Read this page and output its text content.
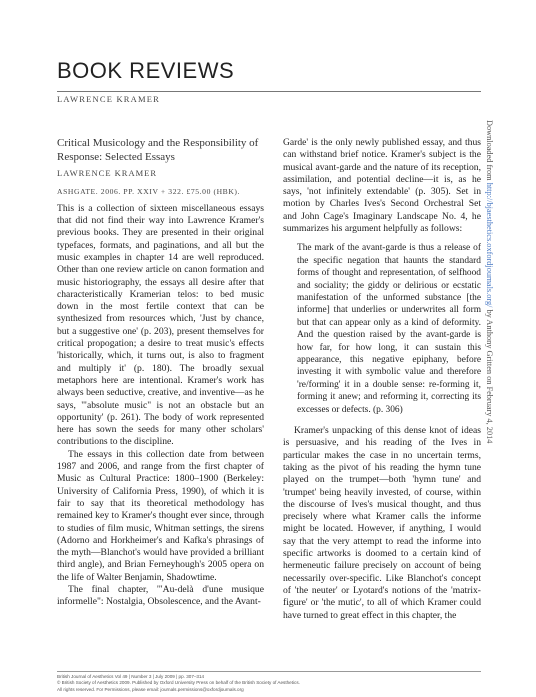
BOOK REVIEWS
LAWRENCE KRAMER
Critical Musicology and the Responsibility of Response: Selected Essays
LAWRENCE KRAMER
ASHGATE. 2006. PP. XXIV + 322. £75.00 (HBK).

This is a collection of sixteen miscellaneous essays that did not find their way into Lawrence Kramer's previous books. They are presented in their original typefaces, formats, and paginations, and all but the music examples in chapter 14 are well reproduced. Other than one review article on canon formation and music historiography, the essays all desire after that characteristically Kramerian telos: to bed music down in the most fertile context that can be synthesized from resources which, 'Just by chance, but a suggestive one' (p. 203), present themselves for critical propogation; a desire to treat music's effects 'historically, which, it turns out, is also to fragment and multiply it' (p. 180). The broadly sexual metaphors here are intentional. Kramer's work has always been seductive, creative, and inventive—as he says, '"absolute music" is not an obstacle but an opportunity' (p. 261). The body of work represented here has sown the seeds for many other scholars' contributions to the discipline.

The essays in this collection date from between 1987 and 2006, and range from the first chapter of Music as Cultural Practice: 1800–1900 (Berkeley: University of California Press, 1990), of which it is fair to say that its theoretical methodology has remained key to Kramer's thought ever since, through to studies of film music, Whitman settings, the sirens (Adorno and Horkheimer's and Kafka's phrasings of the myth—Blanchot's would have provided a brilliant third angle), and Brian Ferneyhough's 2005 opera on the life of Walter Benjamin, Shadowtime.

The final chapter, '"Au-delà d'une musique informelle": Nostalgia, Obsolescence, and the Avant-

Garde' is the only newly published essay, and thus can withstand brief notice. Kramer's subject is the musical avant-garde and the nature of its reception, assimilation, and potential decline—it is, as he says, 'not infinitely extendable' (p. 305). Set in motion by Charles Ives's Second Orchestral Set and John Cage's Imaginary Landscape No. 4, he summarizes his argument helpfully as follows:

The mark of the avant-garde is thus a release of the specific negation that haunts the standard forms of thought and representation, of selfhood and sociality; the giddy or delirious or ecstatic manifestation of the unformed substance [the informe] that underlies or underwrites all form but that can appear only as a kind of deformity. And the question raised by the avant-garde is how far, for how long, it can sustain this appearance, this negative epiphany, before investing it with symbolic value and therefore 're/forming' it in a double sense: re-forming it, forming it anew; and reforming it, correcting its excesses or defects. (p. 306)

Kramer's unpacking of this dense knot of ideas is persuasive, and his reading of the Ives in particular makes the case in no uncertain terms, taking as the pivot of his reading the hymn tune played on the trumpet—both 'hymn tune' and 'trumpet' being heavily invested, of course, within the discourse of Ives's musical thought, and thus precisely where what Kramer calls the informe might be located. However, if anything, I would say that the very attempt to read the informe into specific artworks is doomed to a certain kind of hermeneutic failure precisely on account of being necessarily over-specific. Like Blanchot's concept of 'the neuter' or Lyotard's notions of the 'matrix-figure' or 'the mutic', to all of which Kramer could have turned to great effect in this chapter, the

British Journal of Aesthetics Vol 49 | Number 3 | July 2009 | pp. 307–314
© British Society of Aesthetics 2009. Published by Oxford University Press on behalf of the British Society of Aesthetics.
All rights reserved. For Permissions, please email: journals.permissions@oxfordjournals.org
Downloaded from http://bjaesthetics.oxfordjournals.org/ by Anthony Gritten on February 4, 2014
